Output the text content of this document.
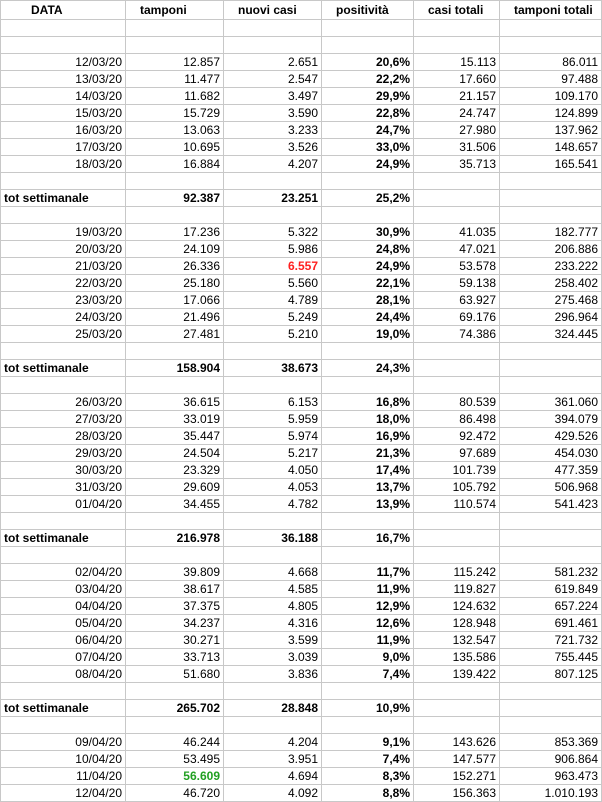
DATA	tamponi	nuovi casi	positività	casi totali	tamponi totali

12/03/20	12.857	2.651	20,6%	15.113	86.011
13/03/20	11.477	2.547	22,2%	17.660	97.488
14/03/20	11.682	3.497	29,9%	21.157	109.170
15/03/20	15.729	3.590	22,8%	24.747	124.899
16/03/20	13.063	3.233	24,7%	27.980	137.962
17/03/20	10.695	3.526	33,0%	31.506	148.657
18/03/20	16.884	4.207	24,9%	35.713	165.541

tot settimanale	92.387	23.251	25,2%		

19/03/20	17.236	5.322	30,9%	41.035	182.777
20/03/20	24.109	5.986	24,8%	47.021	206.886
21/03/20	26.336	6.557	24,9%	53.578	233.222
22/03/20	25.180	5.560	22,1%	59.138	258.402
23/03/20	17.066	4.789	28,1%	63.927	275.468
24/03/20	21.496	5.249	24,4%	69.176	296.964
25/03/20	27.481	5.210	19,0%	74.386	324.445

tot settimanale	158.904	38.673	24,3%		

26/03/20	36.615	6.153	16,8%	80.539	361.060
27/03/20	33.019	5.959	18,0%	86.498	394.079
28/03/20	35.447	5.974	16,9%	92.472	429.526
29/03/20	24.504	5.217	21,3%	97.689	454.030
30/03/20	23.329	4.050	17,4%	101.739	477.359
31/03/20	29.609	4.053	13,7%	105.792	506.968
01/04/20	34.455	4.782	13,9%	110.574	541.423

tot settimanale	216.978	36.188	16,7%		

02/04/20	39.809	4.668	11,7%	115.242	581.232
03/04/20	38.617	4.585	11,9%	119.827	619.849
04/04/20	37.375	4.805	12,9%	124.632	657.224
05/04/20	34.237	4.316	12,6%	128.948	691.461
06/04/20	30.271	3.599	11,9%	132.547	721.732
07/04/20	33.713	3.039	9,0%	135.586	755.445
08/04/20	51.680	3.836	7,4%	139.422	807.125

tot settimanale	265.702	28.848	10,9%		

09/04/20	46.244	4.204	9,1%	143.626	853.369
10/04/20	53.495	3.951	7,4%	147.577	906.864
11/04/20	56.609	4.694	8,3%	152.271	963.473
12/04/20	46.720	4.092	8,8%	156.363	1.010.193
